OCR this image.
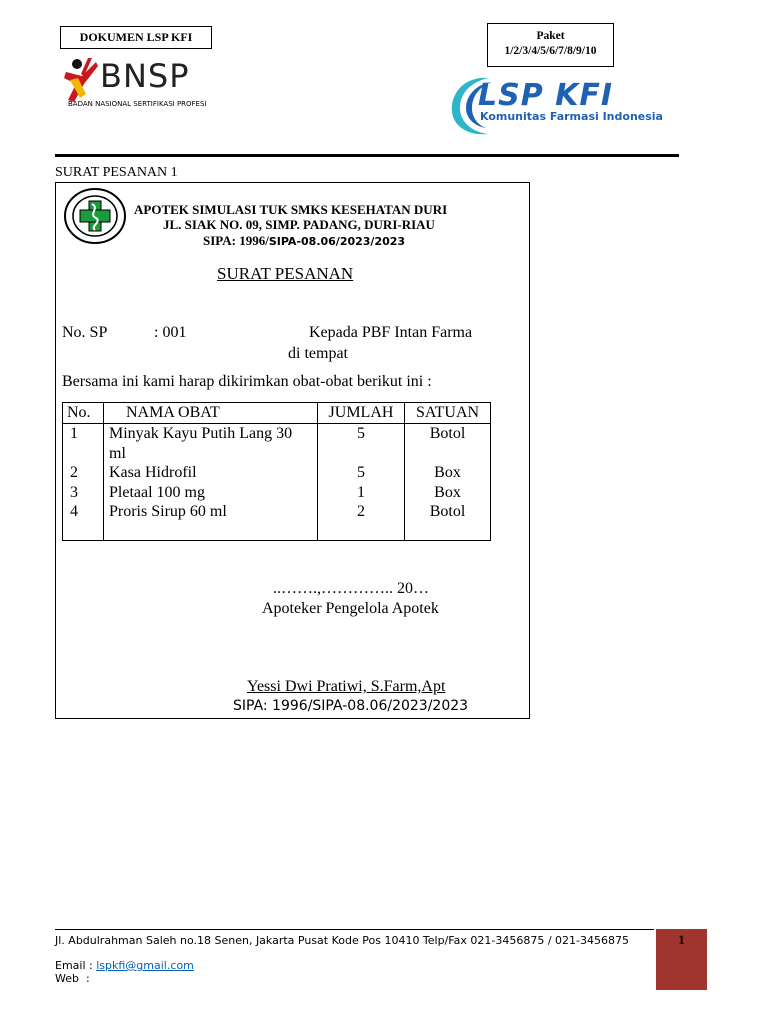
DOKUMEN LSP KFI	Paket
1/2/3/4/5/6/7/8/9/10
BNSP
BADAN NASIONAL SERTIFIKASI PROFESI	LSP KFI
Komunitas Farmasi Indonesia
SURAT PESANAN 1
APOTEK SIMULASI TUK SMKS KESEHATAN DURI
JL. SIAK NO. 09, SIMP. PADANG, DURI-RIAU
SIPA: 1996/SIPA-08.06/2023/2023
SURAT PESANAN
No. SP	: 001	Kepada PBF Intan Farma
di tempat
Bersama ini kami harap dikirimkan obat-obat berikut ini :
No.	NAMA OBAT	JUMLAH	SATUAN
1	Minyak Kayu Putih Lang 30 ml	5	Botol
2	Kasa Hidrofil	5	Box
3	Pletaal 100 mg	1	Box
4	Proris Sirup 60 ml	2	Botol
..…….,………….. 20…
Apoteker Pengelola Apotek
Yessi Dwi Pratiwi, S.Farm,Apt
SIPA: 1996/SIPA-08.06/2023/2023
Jl. Abdulrahman Saleh no.18 Senen, Jakarta Pusat Kode Pos 10410 Telp/Fax 021-3456875 / 021-3456875
Email : lspkfi@gmail.com
Web  :
1
